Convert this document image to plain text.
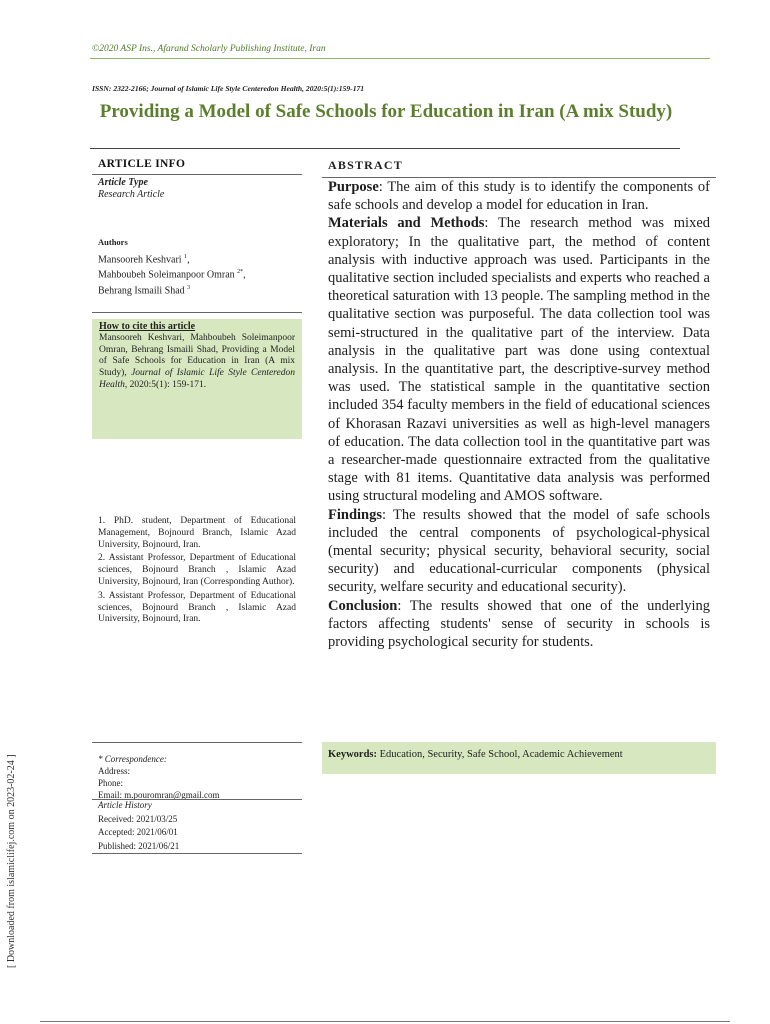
©2020 ASP Ins., Afarand Scholarly Publishing Institute, Iran
ISSN: 2322-2166; Journal of Islamic Life Style Centeredon Health, 2020:5(1):159-171
Providing a Model of Safe Schools for Education in Iran (A mix Study)
ARTICLE INFO
Article Type
Research Article
Authors
Mansooreh Keshvari $^1$,
Mahboubeh Soleimanpoor Omran $^{2*}$,
Behrang Ismaili Shad $^3$
How to cite this article
Mansooreh Keshvari, Mahboubeh Soleimanpoor Omran, Behrang Ismaili Shad, Providing a Model of Safe Schools for Education in Iran (A mix Study), Journal of Islamic Life Style Centeredon Health, 2020:5(1): 159-171.

1. PhD. student, Department of Educational Management, Bojnourd Branch, Islamic Azad University, Bojnourd, Iran.

2. Assistant Professor, Department of Educational sciences, Bojnourd Branch , Islamic Azad University, Bojnourd, Iran (Corresponding Author).

3. Assistant Professor, Department of Educational sciences, Bojnourd Branch , Islamic Azad University, Bojnourd, Iran.

* Correspondence:
Address:
Phone:
Email: m.pouromran@gmail.com
Article History
Received: 2021/03/25
Accepted: 2021/06/01
Published: 2021/06/21
ABSTRACT
Purpose: The aim of this study is to identify the components of safe schools and develop a model for education in Iran.
Materials and Methods: The research method was mixed exploratory; In the qualitative part, the method of content analysis with inductive approach was used. Participants in the qualitative section included specialists and experts who reached a theoretical saturation with 13 people. The sampling method in the qualitative section was purposeful. The data collection tool was semi-structured in the qualitative part of the interview. Data analysis in the qualitative part was done using contextual analysis. In the quantitative part, the descriptive-survey method was used. The statistical sample in the quantitative section included 354 faculty members in the field of educational sciences of Khorasan Razavi universities as well as high-level managers of education. The data collection tool in the quantitative part was a researcher-made questionnaire extracted from the qualitative stage with 81 items. Quantitative data analysis was performed using structural modeling and AMOS software.
Findings: The results showed that the model of safe schools included the central components of psychological-physical (mental security; physical security, behavioral security, social security) and educational-curricular components (physical security, welfare security and educational security).
Conclusion: The results showed that one of the underlying factors affecting students' sense of security in schools is providing psychological security for students.
Keywords: Education, Security, Safe School, Academic Achievement
[ Downloaded from islamiclifej.com on 2023-02-24 ]
